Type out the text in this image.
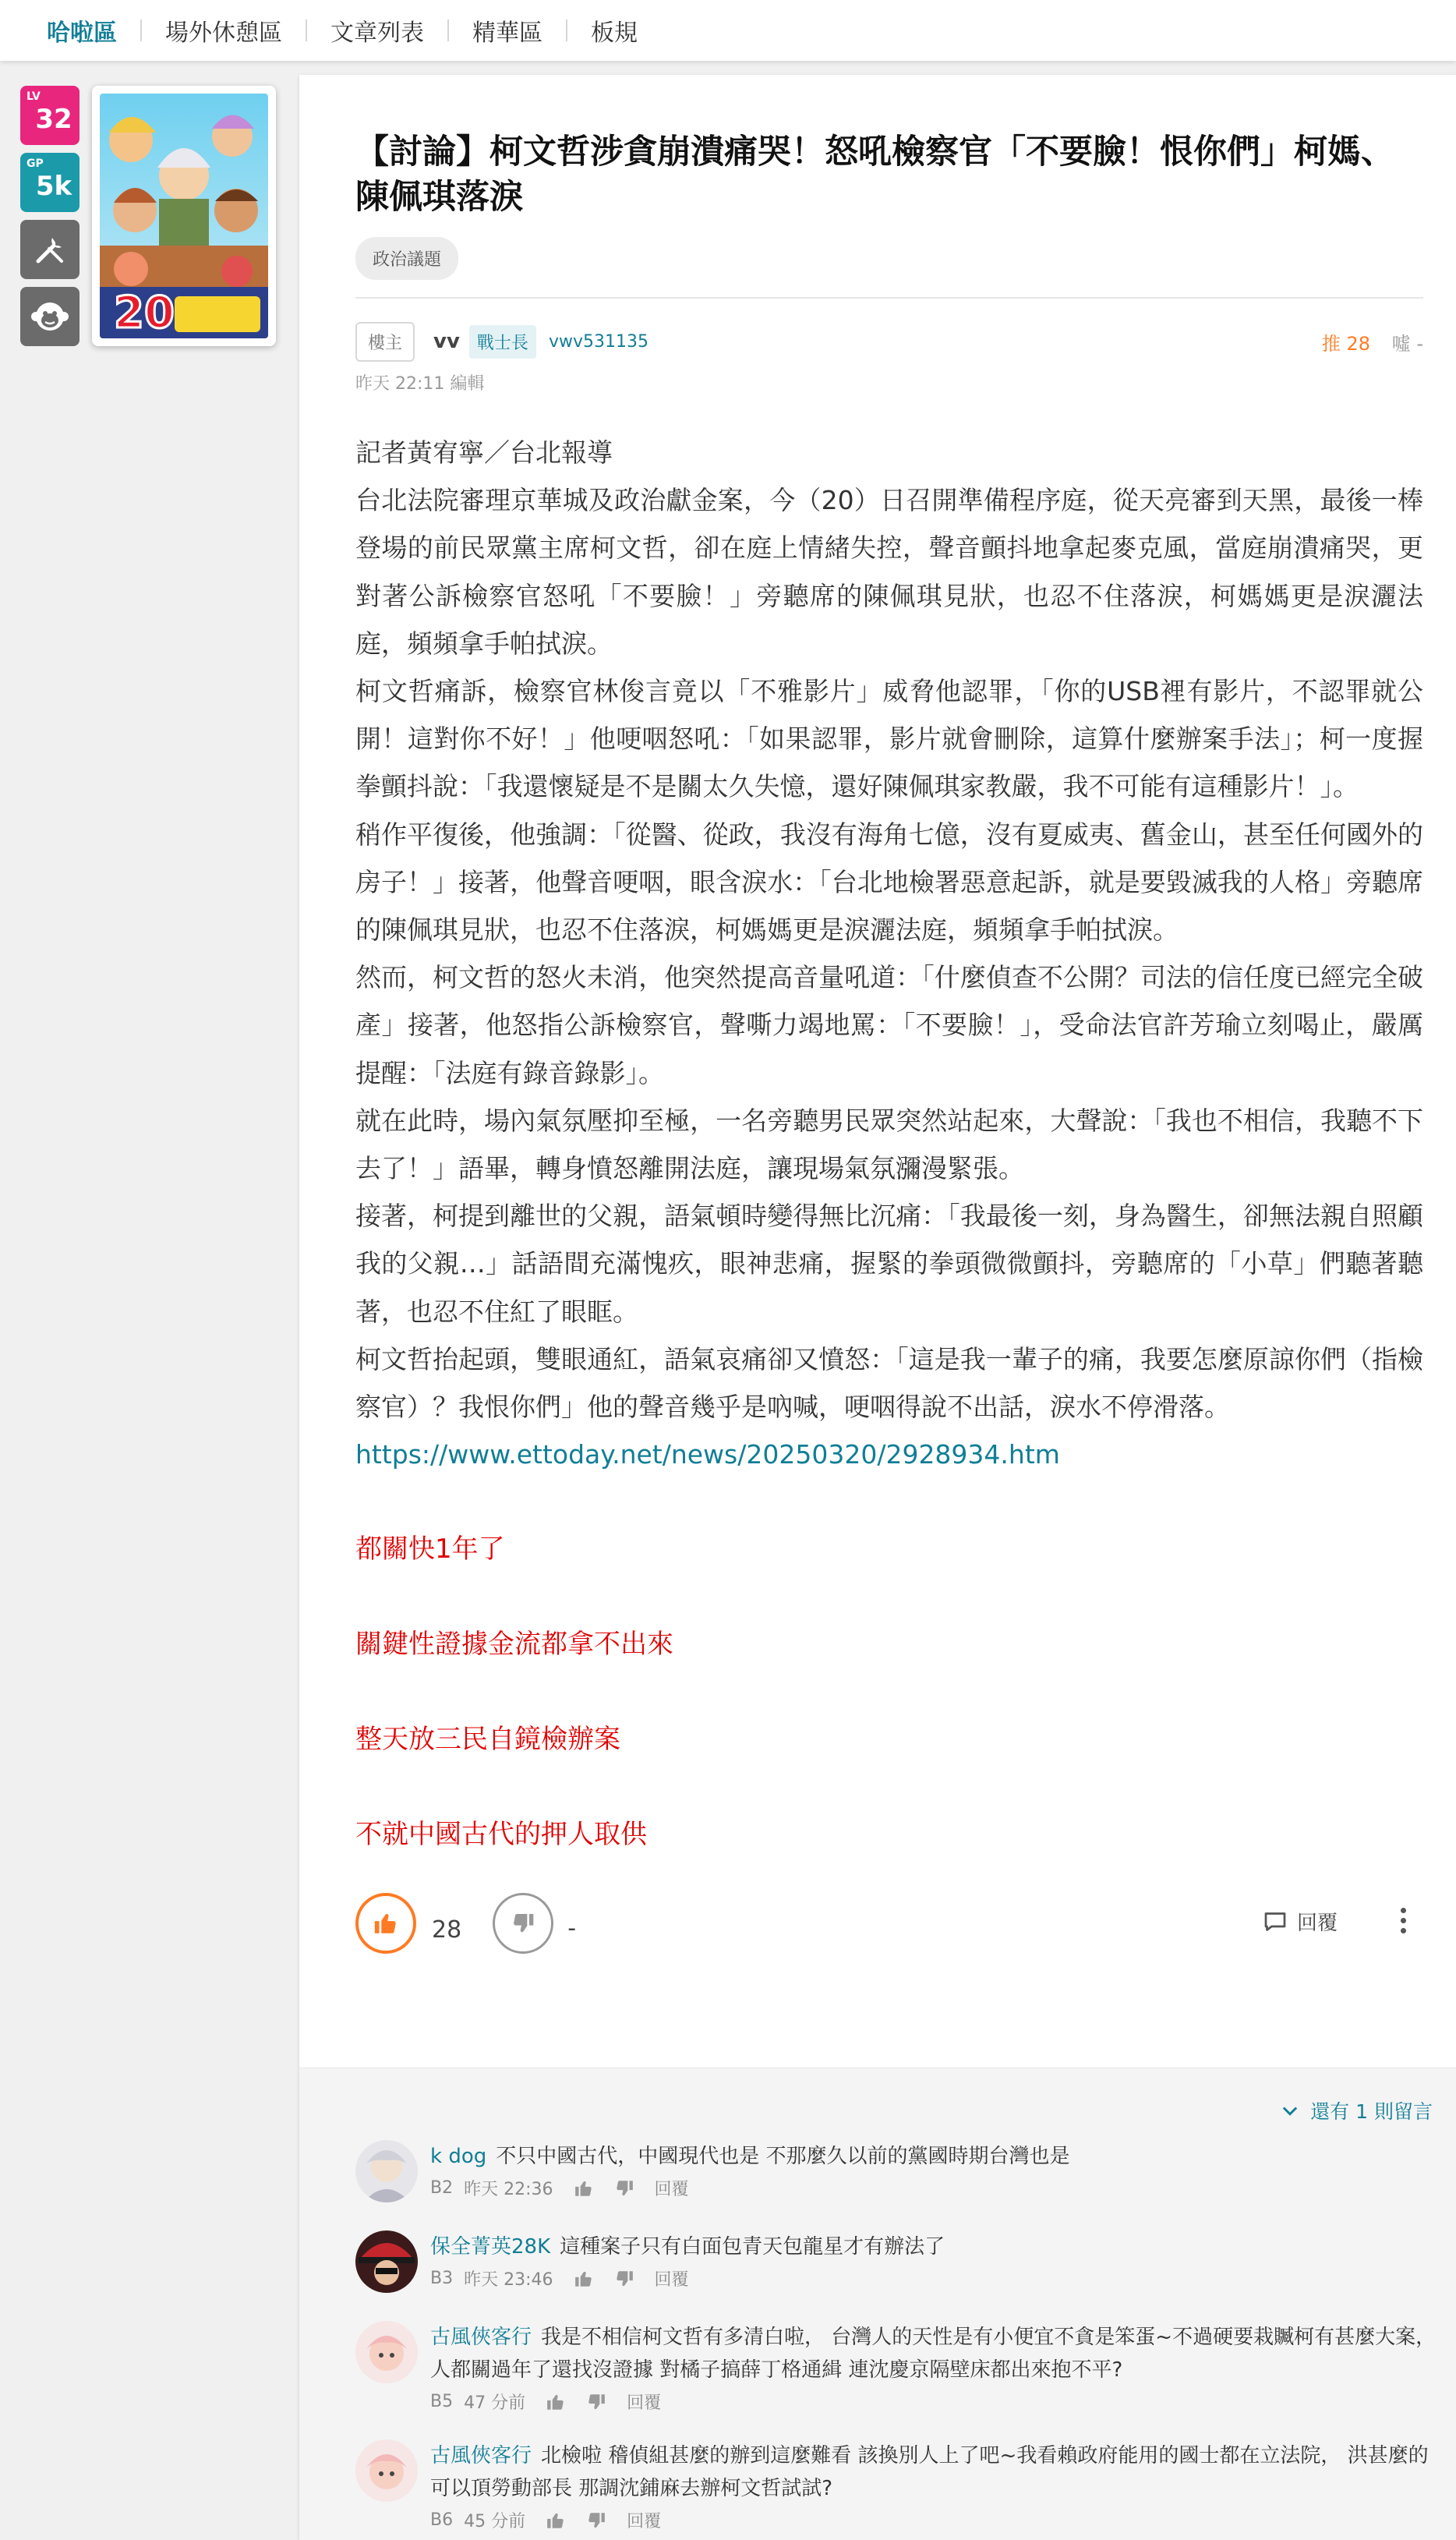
哈啦區	場外休憩區	文章列表	精華區	板規
LV
32
GP
5k
20
【討論】柯文哲涉貪崩潰痛哭！怒吼檢察官「不要臉！恨你們」柯媽、陳佩琪落淚
政治議題
樓主	vv	戰士長	vwv531135	推 28 噓 -
昨天 22:11 編輯

記者黃宥寧／台北報導

台北法院審理京華城及政治獻金案，今（20）日召開準備程序庭，從天亮審到天黑，最後一棒登場的前民眾黨主席柯文哲，卻在庭上情緒失控，聲音顫抖地拿起麥克風，當庭崩潰痛哭，更對著公訴檢察官怒吼「不要臉！」旁聽席的陳佩琪見狀，也忍不住落淚，柯媽媽更是淚灑法庭，頻頻拿手帕拭淚。

柯文哲痛訴，檢察官林俊言竟以「不雅影片」威脅他認罪，「你的USB裡有影片，不認罪就公開！這對你不好！」他哽咽怒吼：「如果認罪，影片就會刪除，這算什麼辦案手法」；柯一度握拳顫抖說：「我還懷疑是不是關太久失憶，還好陳佩琪家教嚴，我不可能有這種影片！」。

稍作平復後，他強調：「從醫、從政，我沒有海角七億，沒有夏威夷、舊金山，甚至任何國外的房子！」接著，他聲音哽咽，眼含淚水：「台北地檢署惡意起訴，就是要毀滅我的人格」旁聽席的陳佩琪見狀，也忍不住落淚，柯媽媽更是淚灑法庭，頻頻拿手帕拭淚。

然而，柯文哲的怒火未消，他突然提高音量吼道：「什麼偵查不公開？司法的信任度已經完全破產」接著，他怒指公訴檢察官，聲嘶力竭地罵：「不要臉！」，受命法官許芳瑜立刻喝止，嚴厲提醒：「法庭有錄音錄影」。

就在此時，場內氣氛壓抑至極，一名旁聽男民眾突然站起來，大聲說：「我也不相信，我聽不下去了！」語畢，轉身憤怒離開法庭，讓現場氣氛瀰漫緊張。

接著，柯提到離世的父親，語氣頓時變得無比沉痛：「我最後一刻，身為醫生，卻無法親自照顧我的父親…」話語間充滿愧疚，眼神悲痛，握緊的拳頭微微顫抖，旁聽席的「小草」們聽著聽著，也忍不住紅了眼眶。

柯文哲抬起頭，雙眼通紅，語氣哀痛卻又憤怒：「這是我一輩子的痛，我要怎麼原諒你們（指檢察官）？我恨你們」他的聲音幾乎是吶喊，哽咽得說不出話，淚水不停滑落。

https://www.ettoday.net/news/20250320/2928934.htm
都關快1年了
關鍵性證據金流都拿不出來
整天放三民自鏡檢辦案
不就中國古代的押人取供
28	-	回覆
還有 1 則留言
k dog 不只中國古代，中國現代也是 不那麼久以前的黨國時期台灣也是
B2 昨天 22:36	回覆
保全菁英28K 這種案子只有白面包青天包龍星才有辦法了
B3 昨天 23:46	回覆
古風俠客行 我是不相信柯文哲有多清白啦， 台灣人的天性是有小便宜不貪是笨蛋~不過硬要栽贓柯有甚麼大案， 人都關過年了還找沒證據 對橘子搞薛丁格通緝 連沈慶京隔壁床都出來抱不平?
B5 47 分前	回覆
古風俠客行 北檢啦 稽偵組甚麼的辦到這麼難看 該換別人上了吧~我看賴政府能用的國士都在立法院， 洪甚麼的可以頂勞動部長 那調沈鋪麻去辦柯文哲試試?
B6 45 分前	回覆
